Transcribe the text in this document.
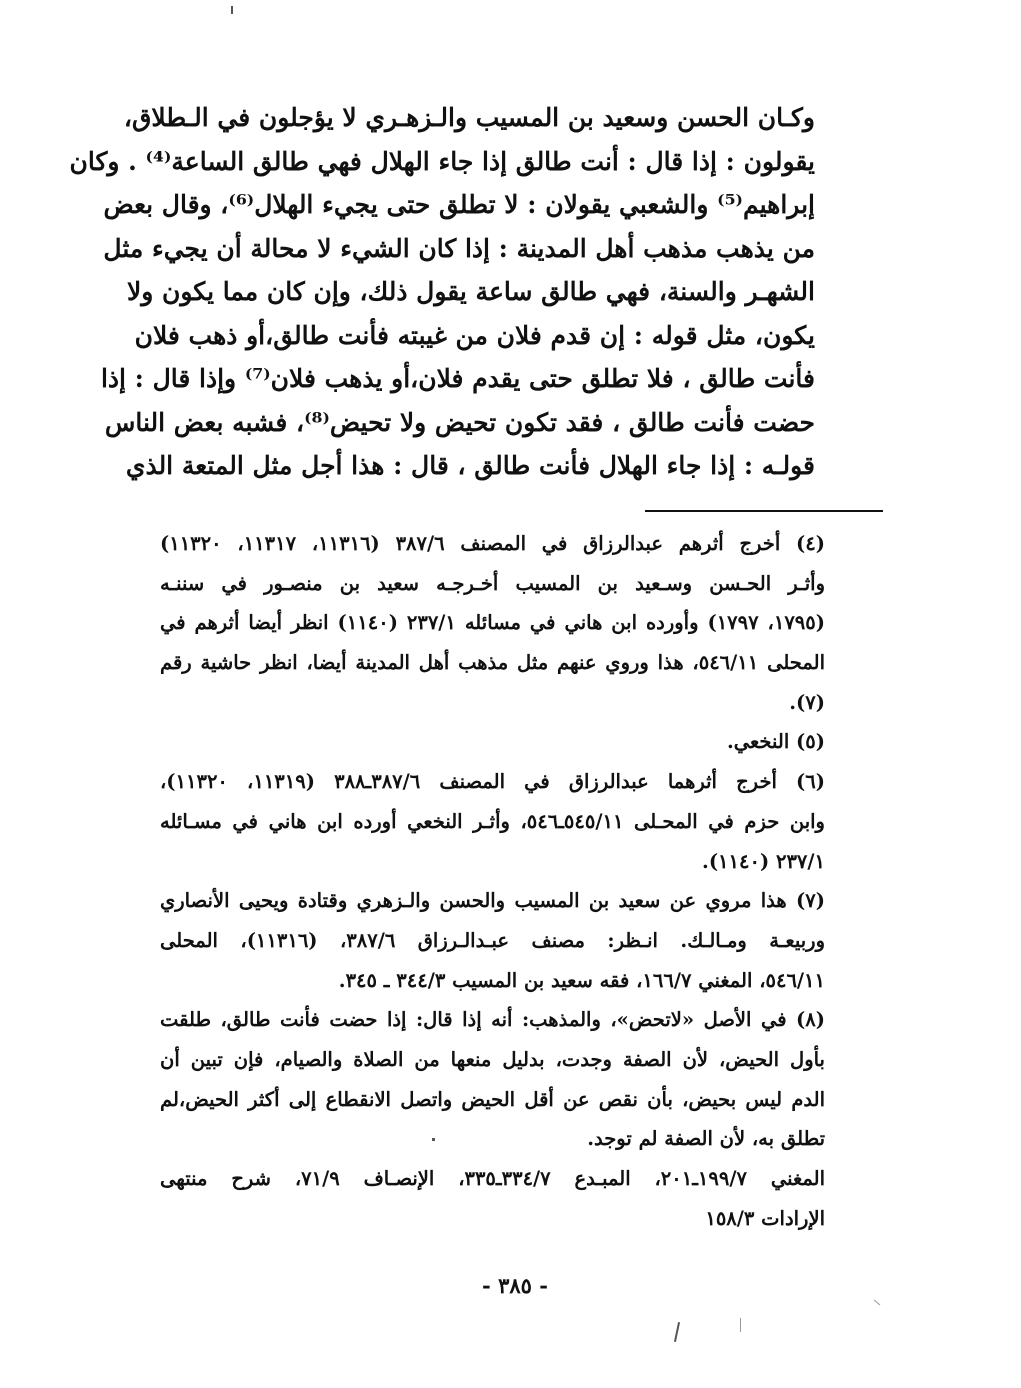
وكـان الحسن وسعيد بن المسيب والـزهـري لا يؤجلون في الـطلاق،
يقولون : إذا قال : أنت طالق إذا جاء الهلال فهي طالق الساعة⁽⁴⁾ . وكان
إبراهيم⁽⁵⁾ والشعبي يقولان : لا تطلق حتى يجيء الهلال⁽⁶⁾، وقال بعض
من يذهب مذهب أهل المدينة : إذا كان الشيء لا محالة أن يجيء مثل
الشهـر والسنة، فهي طالق ساعة يقول ذلك، وإن كان مما يكون ولا
يكون، مثل قوله : إن قدم فلان من غيبته فأنت طالق،أو ذهب فلان
فأنت طالق ، فلا تطلق حتى يقدم فلان،أو يذهب فلان⁽⁷⁾ وإذا قال : إذا
حضت فأنت طالق ، فقد تكون تحيض ولا تحيض⁽⁸⁾، فشبه بعض الناس
قولـه : إذا جاء الهلال فأنت طالق ، قال : هذا أجل مثل المتعة الذي
(٤) أخرج أثرهم عبدالرزاق في المصنف ٣٨٧/٦ (١١٣١٦، ١١٣١٧، ١١٣٢٠)
وأثـر الحـسن وسـعيد بن المسيب أخـرجـه سعيد بن منصـور في سننـه
(١٧٩٥، ١٧٩٧) وأورده ابن هاني في مسائله ٢٣٧/١ (١١٤٠) انظر أيضا أثرهم في
المحلى ٥٤٦/١١، هذا وروي عنهم مثل مذهب أهل المدينة أيضا، انظر حاشية رقم
(٧).
(٥) النخعي.
(٦) أخرج أثرهما عبدالرزاق في المصنف ٣٨٧/٦ـ٣٨٨ (١١٣١٩، ١١٣٢٠)،
وابن حزم في المحـلى ٥٤٥/١١ـ٥٤٦، وأثـر النخعي أورده ابن هاني في مسـائله
٢٣٧/١ (١١٤٠).
(٧) هذا مروي عن سعيد بن المسيب والحسن والـزهري وقتادة ويحيى الأنصاري
وربيعـة ومـالـك. انـظر: مصنف عبـدالـرزاق ٣٨٧/٦، (١١٣١٦)، المحلى
٥٤٦/١١، المغني ١٦٦/٧، فقه سعيد بن المسيب ٣٤٤/٣ ـ ٣٤٥.
(٨) في الأصل «لاتحض»، والمذهب: أنه إذا قال: إذا حضت فأنت طالق، طلقت
بأول الحيض، لأن الصفة وجدت، بدليل منعها من الصلاة والصيام، فإن تبين أن
الدم ليس بحيض، بأن نقص عن أقل الحيض واتصل الانقطاع إلى أكثر الحيض،لم
تطلق به، لأن الصفة لم توجد.
المغني ١٩٩/٧ـ٢٠١، المبـدع ٣٣٤/٧ـ٣٣٥، الإنصـاف ٧١/٩، شرح منتهى
الإرادات ١٥٨/٣
- ٣٨٥ -
